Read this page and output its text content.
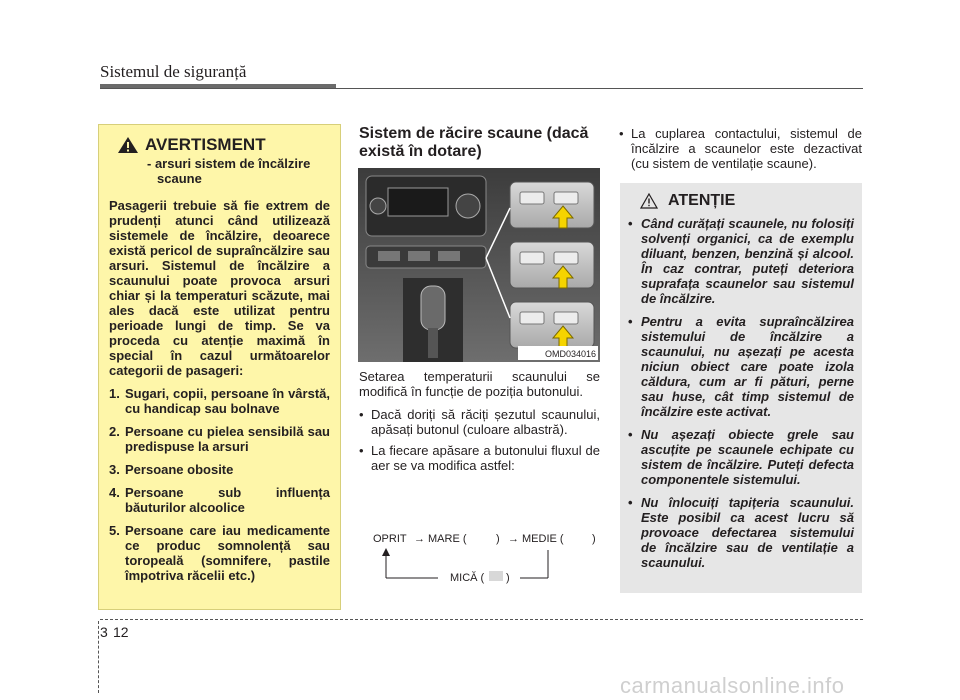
Sistemul de siguranță
AVERTISMENT
- arsuri sistem de încălzire
scaune
Pasagerii trebuie să fie extrem de prudenți atunci când utilizează sistemele de încălzire, deoarece există pericol de supraîncălzire sau arsuri. Sistemul de încălzire a scaunului poate provoca arsuri chiar și la temperaturi scăzute, mai ales dacă este utilizat pentru perioade lungi de timp. Se va proceda cu atenție maximă în special în cazul următoarelor categorii de pasageri:
1. Sugari, copii, persoane în vârstă, cu handicap sau bolnave
2. Persoane cu pielea sensibilă sau predispuse la arsuri
3. Persoane obosite
4. Persoane sub influența băuturilor alcoolice
5. Persoane care iau medicamente ce produc somnolență sau toropeală (somnifere, pastile împotriva răcelii etc.)
Sistem de răcire scaune (dacă există în dotare)
OMD034016

Setarea temperaturii scaunului se modifică în funcție de poziția butonului.

• Dacă doriți să răciți șezutul scaunului, apăsați butonul (culoare albastră).
• La fiecare apăsare a butonului fluxul de aer se va modifica astfel:
OPRIT → MARE (	) → MEDIE (	)
MICĂ ( )
• La cuplarea contactului, sistemul de încălzire a scaunelor este dezactivat (cu sistem de ventilație scaune).
ATENȚIE
• Când curățați scaunele, nu folosiți solvenți organici, ca de exemplu diluant, benzen, benzină și alcool. În caz contrar, puteți deteriora suprafața scaunelor sau sistemul de încălzire.
• Pentru a evita supraîncălzirea sistemului de încălzire a scaunului, nu așezați pe acesta niciun obiect care poate izola căldura, cum ar fi pături, perne sau huse, cât timp sistemul de încălzire este activat.
• Nu așezați obiecte grele sau ascuțite pe scaunele echipate cu sistem de încălzire. Puteți defecta componentele sistemului.
• Nu înlocuiți tapițeria scaunului. Este posibil ca acest lucru să provoace defectarea sistemului de încălzire sau de ventilație a scaunului.
3 12
carmanualsonline.info
